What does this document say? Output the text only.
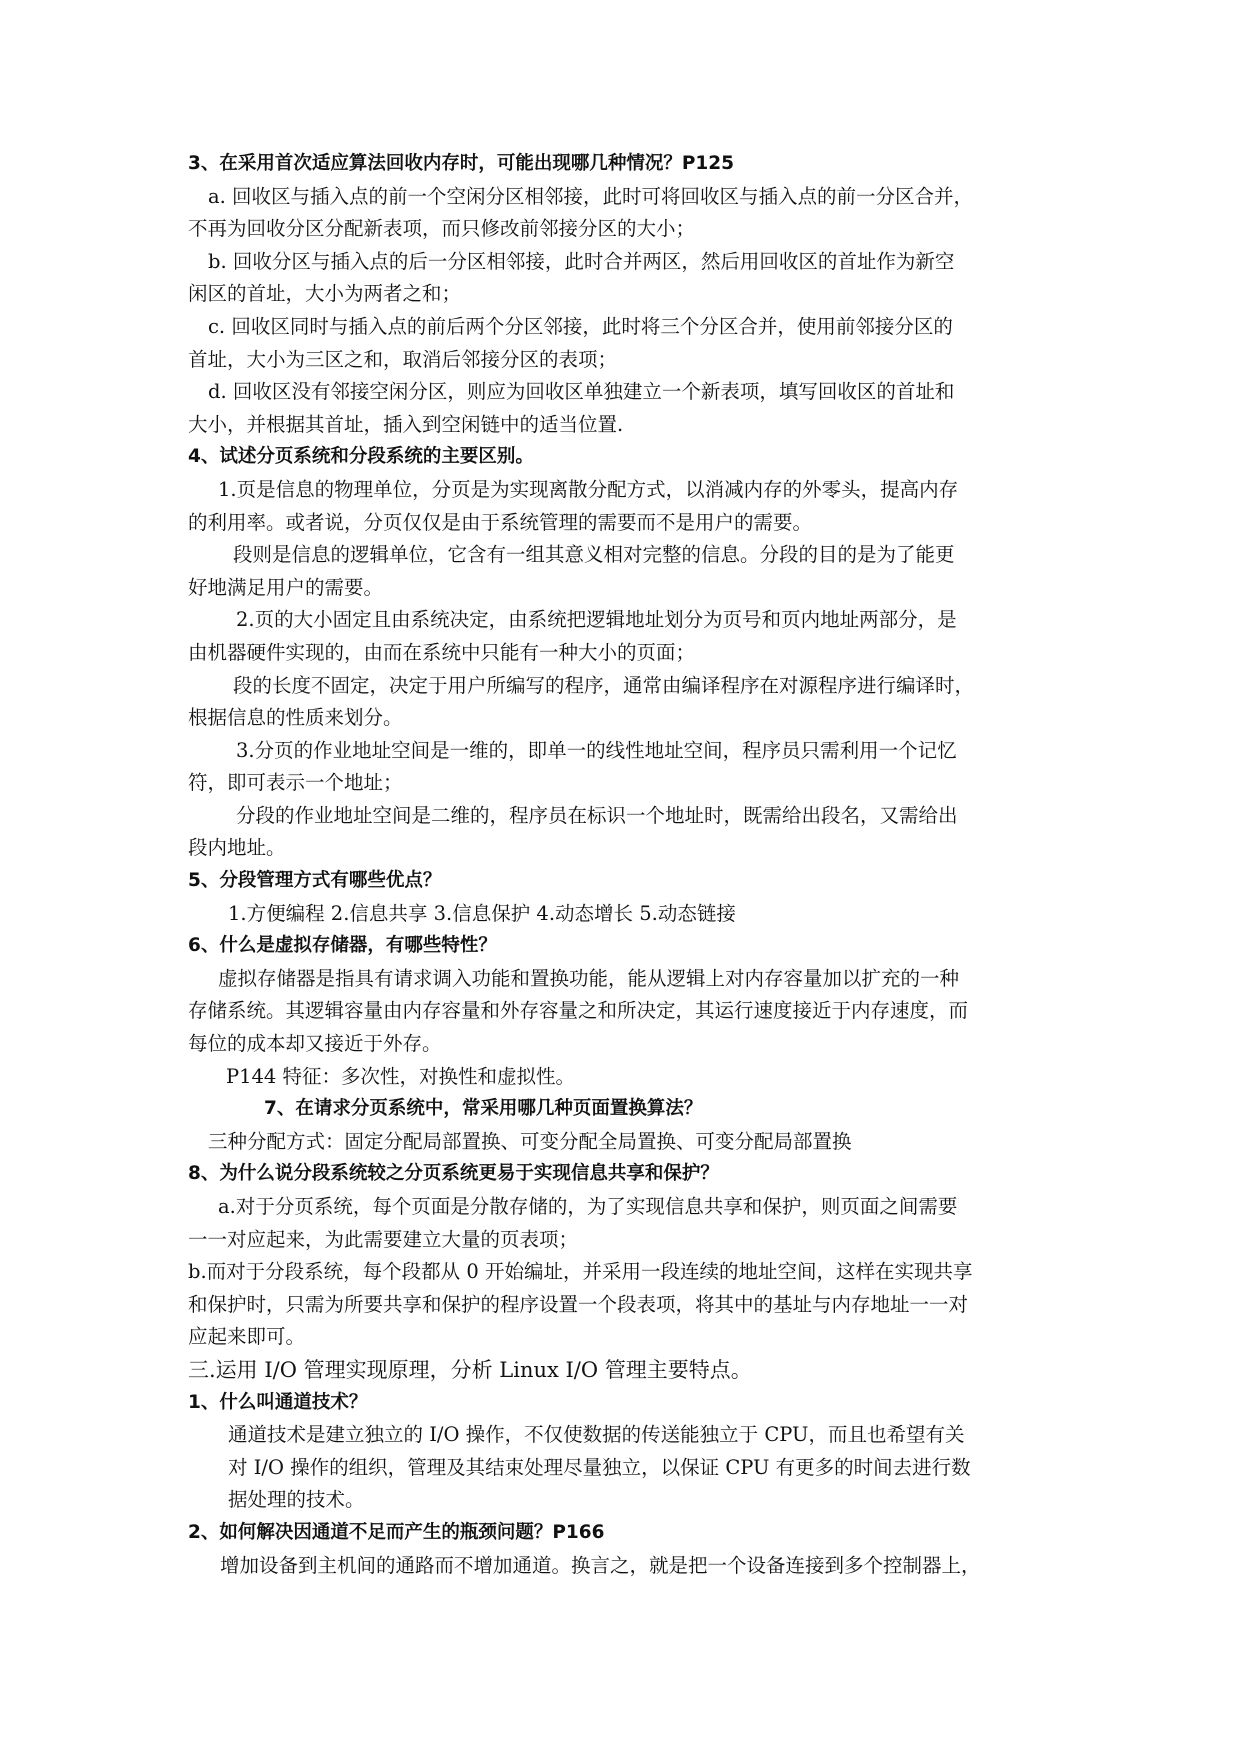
3、在采用首次适应算法回收内存时，可能出现哪几种情况？P125
a. 回收区与插入点的前一个空闲分区相邻接，此时可将回收区与插入点的前一分区合并，
不再为回收分区分配新表项，而只修改前邻接分区的大小；
b. 回收分区与插入点的后一分区相邻接，此时合并两区，然后用回收区的首址作为新空
闲区的首址，大小为两者之和；
c. 回收区同时与插入点的前后两个分区邻接，此时将三个分区合并，使用前邻接分区的
首址，大小为三区之和，取消后邻接分区的表项；
d. 回收区没有邻接空闲分区，则应为回收区单独建立一个新表项，填写回收区的首址和
大小，并根据其首址，插入到空闲链中的适当位置.
4、试述分页系统和分段系统的主要区别。
1.页是信息的物理单位，分页是为实现离散分配方式，以消减内存的外零头，提高内存
的利用率。或者说，分页仅仅是由于系统管理的需要而不是用户的需要。
段则是信息的逻辑单位，它含有一组其意义相对完整的信息。分段的目的是为了能更
好地满足用户的需要。
2.页的大小固定且由系统决定，由系统把逻辑地址划分为页号和页内地址两部分，是
由机器硬件实现的，由而在系统中只能有一种大小的页面；
段的长度不固定，决定于用户所编写的程序，通常由编译程序在对源程序进行编译时，
根据信息的性质来划分。
3.分页的作业地址空间是一维的，即单一的线性地址空间，程序员只需利用一个记忆
符，即可表示一个地址；
分段的作业地址空间是二维的，程序员在标识一个地址时，既需给出段名，又需给出
段内地址。
5、分段管理方式有哪些优点？
1.方便编程 2.信息共享 3.信息保护 4.动态增长 5.动态链接
6、什么是虚拟存储器，有哪些特性？
虚拟存储器是指具有请求调入功能和置换功能，能从逻辑上对内存容量加以扩充的一种
存储系统。其逻辑容量由内存容量和外存容量之和所决定，其运行速度接近于内存速度，而
每位的成本却又接近于外存。
P144 特征：多次性，对换性和虚拟性。
7、在请求分页系统中，常采用哪几种页面置换算法？
三种分配方式：固定分配局部置换、可变分配全局置换、可变分配局部置换
8、为什么说分段系统较之分页系统更易于实现信息共享和保护？
a.对于分页系统，每个页面是分散存储的，为了实现信息共享和保护，则页面之间需要
一一对应起来，为此需要建立大量的页表项；
b.而对于分段系统，每个段都从 0 开始编址，并采用一段连续的地址空间，这样在实现共享
和保护时，只需为所要共享和保护的程序设置一个段表项，将其中的基址与内存地址一一对
应起来即可。
三.运用 I/O 管理实现原理，分析 Linux I/O 管理主要特点。
1、什么叫通道技术？
通道技术是建立独立的 I/O 操作，不仅使数据的传送能独立于 CPU，而且也希望有关
对 I/O 操作的组织，管理及其结束处理尽量独立，以保证 CPU 有更多的时间去进行数
据处理的技术。
2、如何解决因通道不足而产生的瓶颈问题？P166
增加设备到主机间的通路而不增加通道。换言之，就是把一个设备连接到多个控制器上，
